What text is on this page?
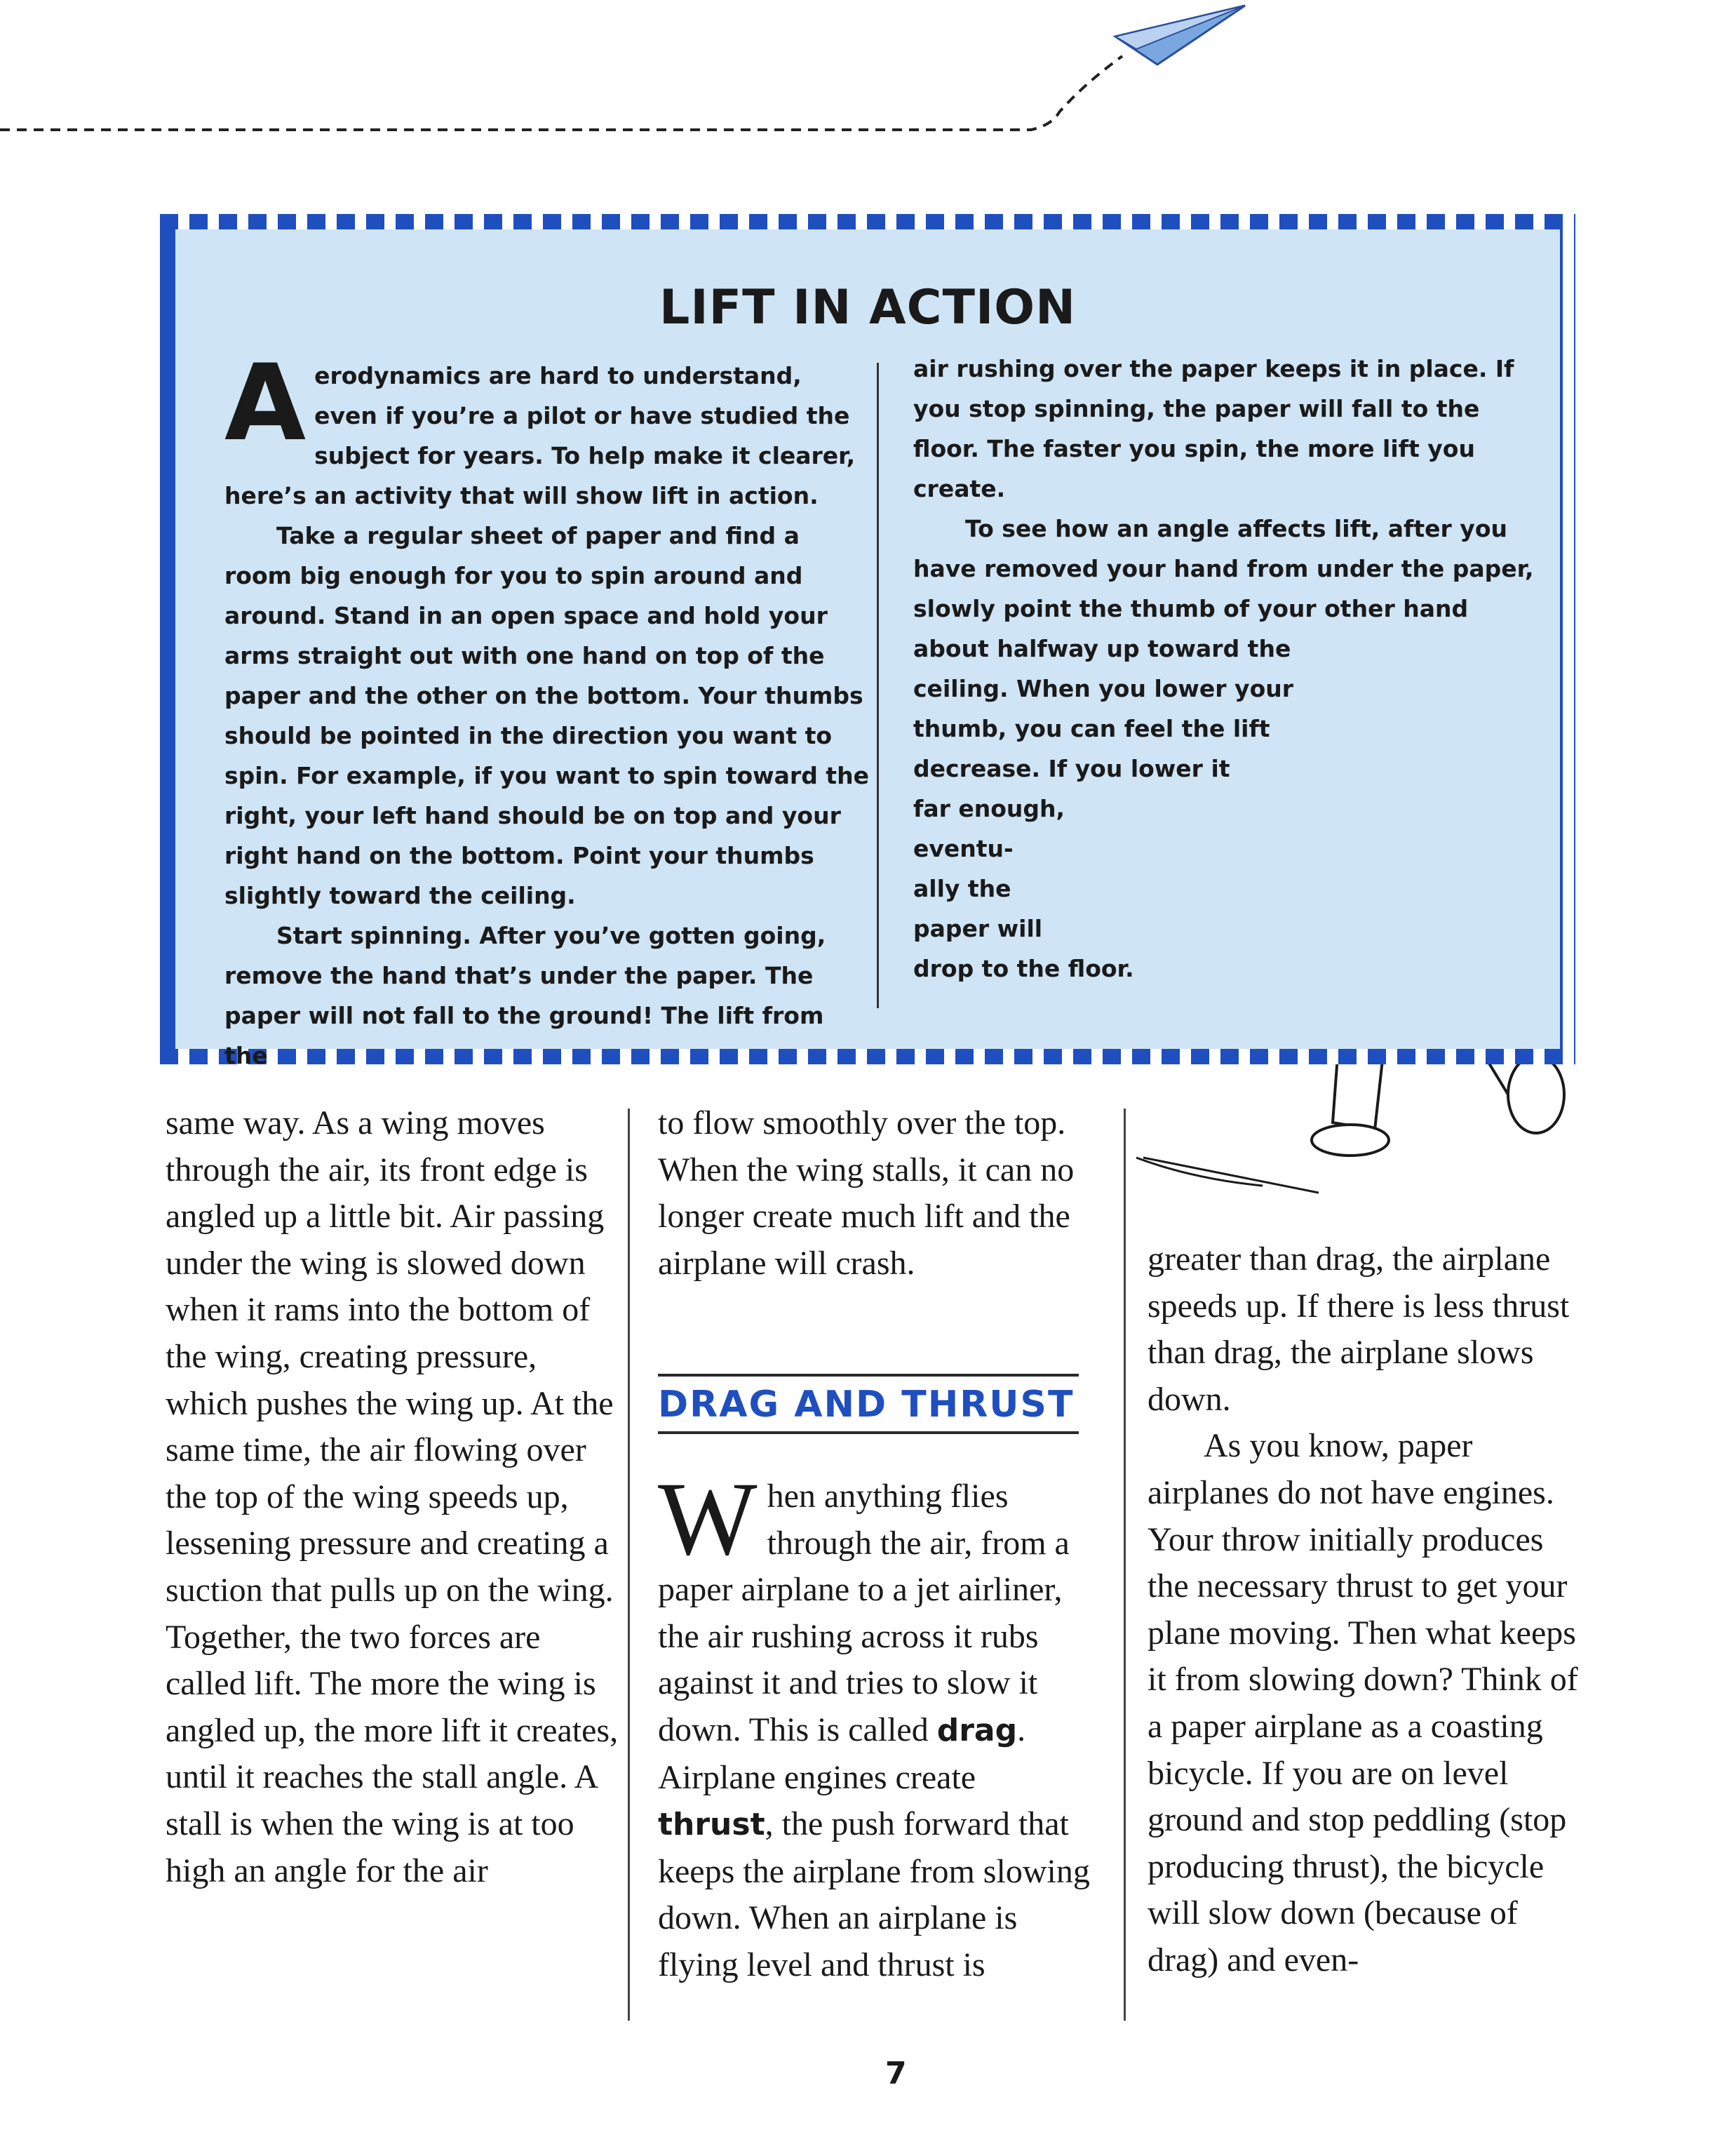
LIFT IN ACTION

Aerodynamics are hard to understand, even if you’re a pilot or have studied the subject for years. To help make it clearer, here’s an activity that will show lift in action.

Take a regular sheet of paper and find a room big enough for you to spin around and around. Stand in an open space and hold your arms straight out with one hand on top of the paper and the other on the bottom. Your thumbs should be pointed in the direction you want to spin. For example, if you want to spin toward the right, your left hand should be on top and your right hand on the bottom. Point your thumbs slightly toward the ceiling.

Start spinning. After you’ve gotten going, remove the hand that’s under the paper. The paper will not fall to the ground! The lift from the

air rushing over the paper keeps it in place. If you stop spinning, the paper will fall to the floor. The faster you spin, the more lift you create.

To see how an angle affects lift, after you
have removed your hand from under the paper,
slowly point the thumb of your other hand
about halfway up toward the
ceiling. When you lower your
thumb, you can feel the lift
decrease. If you lower it
far enough,
eventu-
ally the
paper will
drop to the floor.

same way. As a wing moves through the air, its front edge is angled up a little bit. Air passing under the wing is slowed down when it rams into the bottom of the wing, creating pressure, which pushes the wing up. At the same time, the air flowing over the top of the wing speeds up, lessening pressure and creating a suction that pulls up on the wing. Together, the two forces are called lift. The more the wing is angled up, the more lift it creates, until it reaches the stall angle. A stall is when the wing is at too high an angle for the air

to flow smoothly over the top. When the wing stalls, it can no longer create much lift and the airplane will crash.

DRAG AND THRUST

When anything flies through the air, from a paper airplane to a jet airliner, the air rushing across it rubs against it and tries to slow it down. This is called drag. Airplane engines create thrust, the push forward that keeps the airplane from slowing down. When an airplane is flying level and thrust is

greater than drag, the airplane speeds up. If there is less thrust than drag, the airplane slows down.

As you know, paper airplanes do not have engines. Your throw initially produces the necessary thrust to get your plane moving. Then what keeps it from slowing down? Think of a paper airplane as a coasting bicycle. If you are on level ground and stop peddling (stop producing thrust), the bicycle will slow down (because of drag) and even-

7
